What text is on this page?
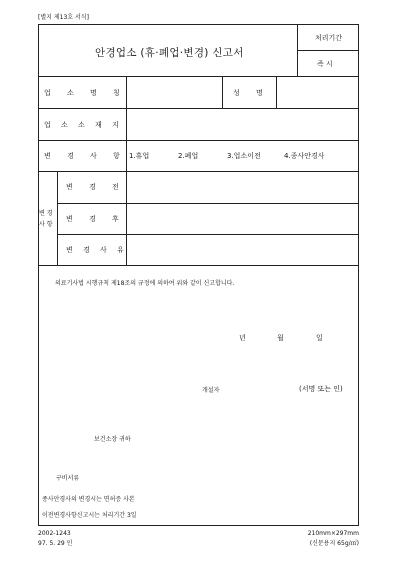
[별지 제13호 서식]
안경업소 (휴·폐업·변경) 신고서
처리기간
즉 시
업 소 명 칭	성 명
업 소 소 재 지
변 경 사 항 1.휴업	2.폐업	3.업소이전	4.종사안경사
변 경
사 항
변 경 전
변 경 후
변 경 사 유
의료기사법 시행규칙 제18조의 규정에 의하여 위와 같이 신고합니다.
년	월	일
개설자	(서명 또는 인)
보건소장 귀하
구비서류
종사안경사의 변경시는 면허증 사본
이전변경사항신고시는 처리기간 3일
2002-1243
97. 5. 29 인
210mm×297mm
(신문용지 65g/㎡)
